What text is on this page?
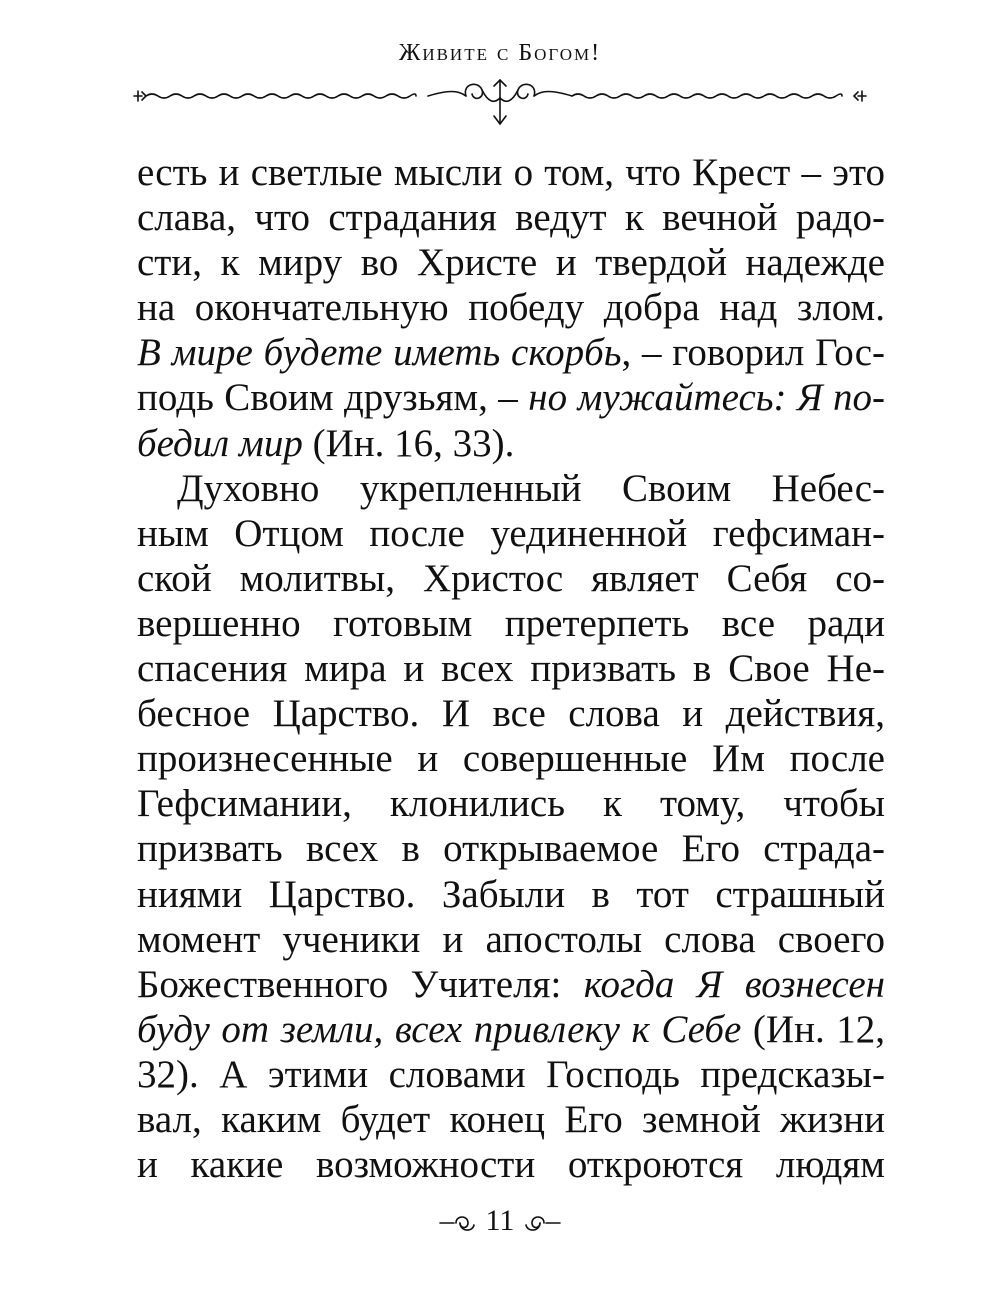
Живите с Богом!
есть и светлые мысли о том, что Крест – это
слава, что страдания ведут к вечной радо-
сти, к миру во Христе и твердой надежде
на окончательную победу добра над злом.
В мире будете иметь скорбь, – говорил Гос-
подь Своим друзьям, – но мужайтесь: Я по-
бедил мир (Ин. 16, 33).
Духовно укрепленный Своим Небес-
ным Отцом после уединенной гефсиман-
ской молитвы, Христос являет Себя со-
вершенно готовым претерпеть все ради
спасения мира и всех призвать в Свое Не-
бесное Царство. И все слова и действия,
произнесенные и совершенные Им после
Гефсимании, клонились к тому, чтобы
призвать всех в открываемое Его страда-
ниями Царство. Забыли в тот страшный
момент ученики и апостолы слова своего
Божественного Учителя: когда Я вознесен
буду от земли, всех привлеку к Себе (Ин. 12,
32). А этими словами Господь предсказы-
вал, каким будет конец Его земной жизни
и какие возможности откроются людям
11
